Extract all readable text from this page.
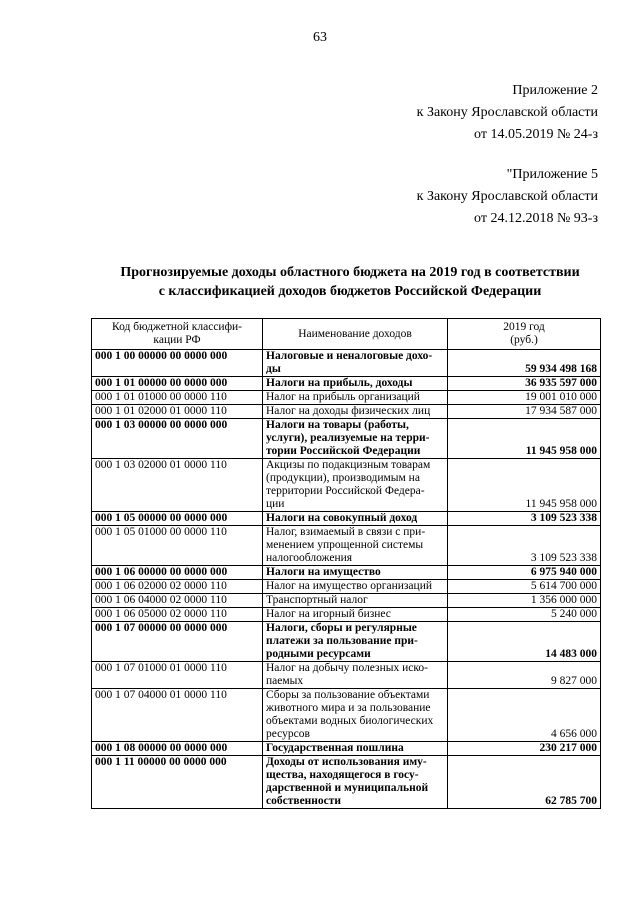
63
Приложение 2
к Закону Ярославской области
от 14.05.2019 № 24-з
"Приложение 5
к Закону Ярославской области
от 24.12.2018 № 93-з
Прогнозируемые доходы областного бюджета на 2019 год в соответствии
с классификацией доходов бюджетов Российской Федерации
Код бюджетной классифи-
кации РФ	Наименование доходов	2019 год
(руб.)
000 1 00 00000 00 0000 000	Налоговые и неналоговые дохо-
ды	59 934 498 168
000 1 01 00000 00 0000 000	Налоги на прибыль, доходы	36 935 597 000
000 1 01 01000 00 0000 110	Налог на прибыль организаций	19 001 010 000
000 1 01 02000 01 0000 110	Налог на доходы физических лиц	17 934 587 000
000 1 03 00000 00 0000 000	Налоги на товары (работы,
услуги), реализуемые на терри-
тории Российской Федерации	11 945 958 000
000 1 03 02000 01 0000 110	Акцизы по подакцизным товарам
(продукции), производимым на
территории Российской Федера-
ции	11 945 958 000
000 1 05 00000 00 0000 000	Налоги на совокупный доход	3 109 523 338
000 1 05 01000 00 0000 110	Налог, взимаемый в связи с при-
менением упрощенной системы
налогообложения	3 109 523 338
000 1 06 00000 00 0000 000	Налоги на имущество	6 975 940 000
000 1 06 02000 02 0000 110	Налог на имущество организаций	5 614 700 000
000 1 06 04000 02 0000 110	Транспортный налог	1 356 000 000
000 1 06 05000 02 0000 110	Налог на игорный бизнес	5 240 000
000 1 07 00000 00 0000 000	Налоги, сборы и регулярные
платежи за пользование при-
родными ресурсами	14 483 000
000 1 07 01000 01 0000 110	Налог на добычу полезных иско-
паемых	9 827 000
000 1 07 04000 01 0000 110	Сборы за пользование объектами
животного мира и за пользование
объектами водных биологических
ресурсов	4 656 000
000 1 08 00000 00 0000 000	Государственная пошлина	230 217 000
000 1 11 00000 00 0000 000	Доходы от использования иму-
щества, находящегося в госу-
дарственной и муниципальной
собственности	62 785 700
